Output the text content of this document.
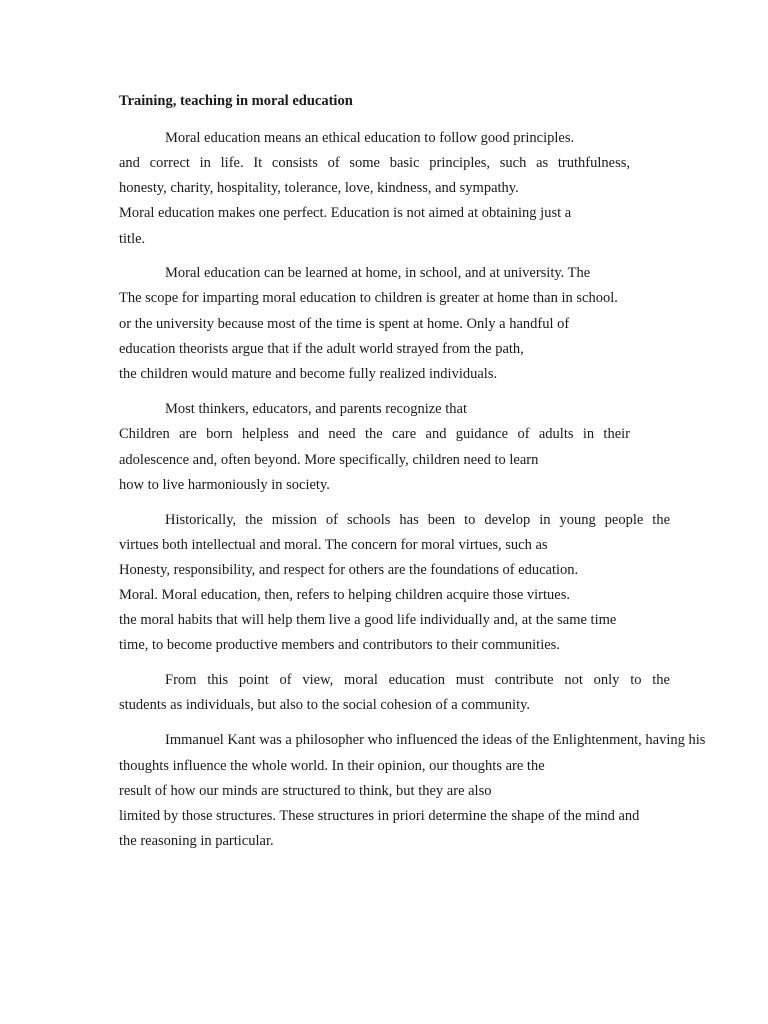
Training, teaching in moral education
Moral education means an ethical education to follow good principles.
and correct in life. It consists of some basic principles, such as truthfulness,
honesty, charity, hospitality, tolerance, love, kindness, and sympathy.
Moral education makes one perfect. Education is not aimed at obtaining just a
title.
Moral education can be learned at home, in school, and at university. The
The scope for imparting moral education to children is greater at home than in school.
or the university because most of the time is spent at home. Only a handful of
education theorists argue that if the adult world strayed from the path,
the children would mature and become fully realized individuals.
Most thinkers, educators, and parents recognize that
Children are born helpless and need the care and guidance of adults in their
adolescence and, often beyond. More specifically, children need to learn
how to live harmoniously in society.
Historically, the mission of schools has been to develop in young people the
virtues both intellectual and moral. The concern for moral virtues, such as
Honesty, responsibility, and respect for others are the foundations of education.
Moral. Moral education, then, refers to helping children acquire those virtues.
the moral habits that will help them live a good life individually and, at the same time
time, to become productive members and contributors to their communities.
From this point of view, moral education must contribute not only to the
students as individuals, but also to the social cohesion of a community.
Immanuel Kant was a philosopher who influenced the ideas of the Enlightenment, having his
thoughts influence the whole world. In their opinion, our thoughts are the
result of how our minds are structured to think, but they are also
limited by those structures. These structures in priori determine the shape of the mind and
the reasoning in particular.
